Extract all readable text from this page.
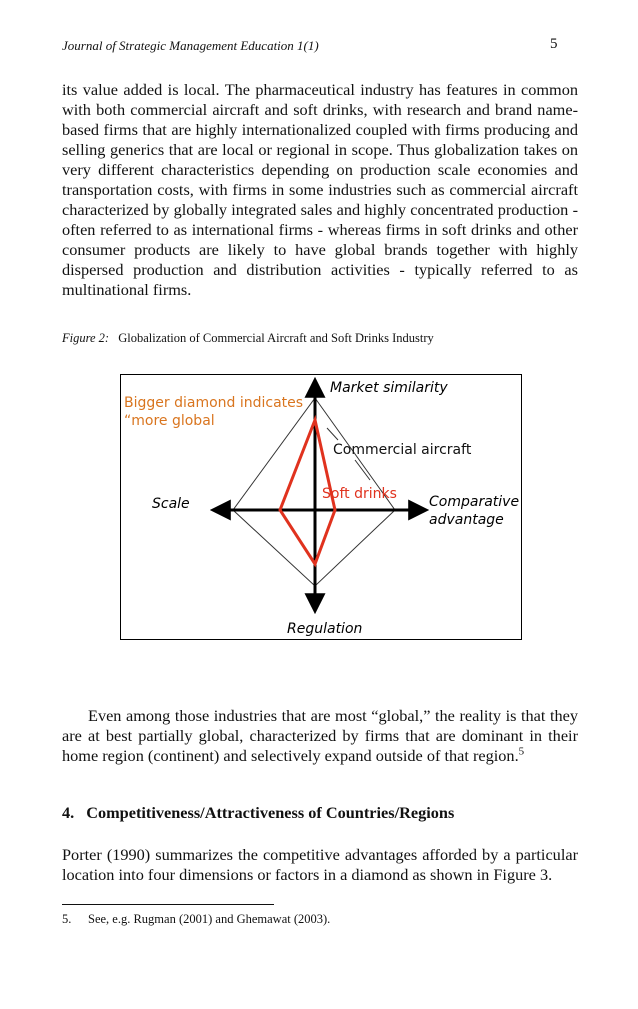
Journal of Strategic Management Education 1(1)	5

its value added is local. The pharmaceutical industry has features in common with both commercial aircraft and soft drinks, with research and brand name-based firms that are highly internationalized coupled with firms producing and selling generics that are local or regional in scope. Thus globalization takes on very different characteristics depending on production scale economies and transportation costs, with firms in some industries such as commercial aircraft characterized by globally integrated sales and highly concentrated production - often referred to as international firms - whereas firms in soft drinks and other consumer products are likely to have global brands together with highly dispersed production and distribution activities - typically referred to as multinational firms.

Figure 2: Globalization of Commercial Aircraft and Soft Drinks Industry
Market similarity
Regulation
Scale	Comparative
advantage
Bigger diamond indicates
“more global
Commercial aircraft
Soft drinks

Even among those industries that are most “global,” the reality is that they are at best partially global, characterized by firms that are dominant in their home region (continent) and selectively expand outside of that region.$^5$

4. Competitiveness/Attractiveness of Countries/Regions

Porter (1990) summarizes the competitive advantages afforded by a particular location into four dimensions or factors in a diamond as shown in Figure 3.

5. See, e.g. Rugman (2001) and Ghemawat (2003).
